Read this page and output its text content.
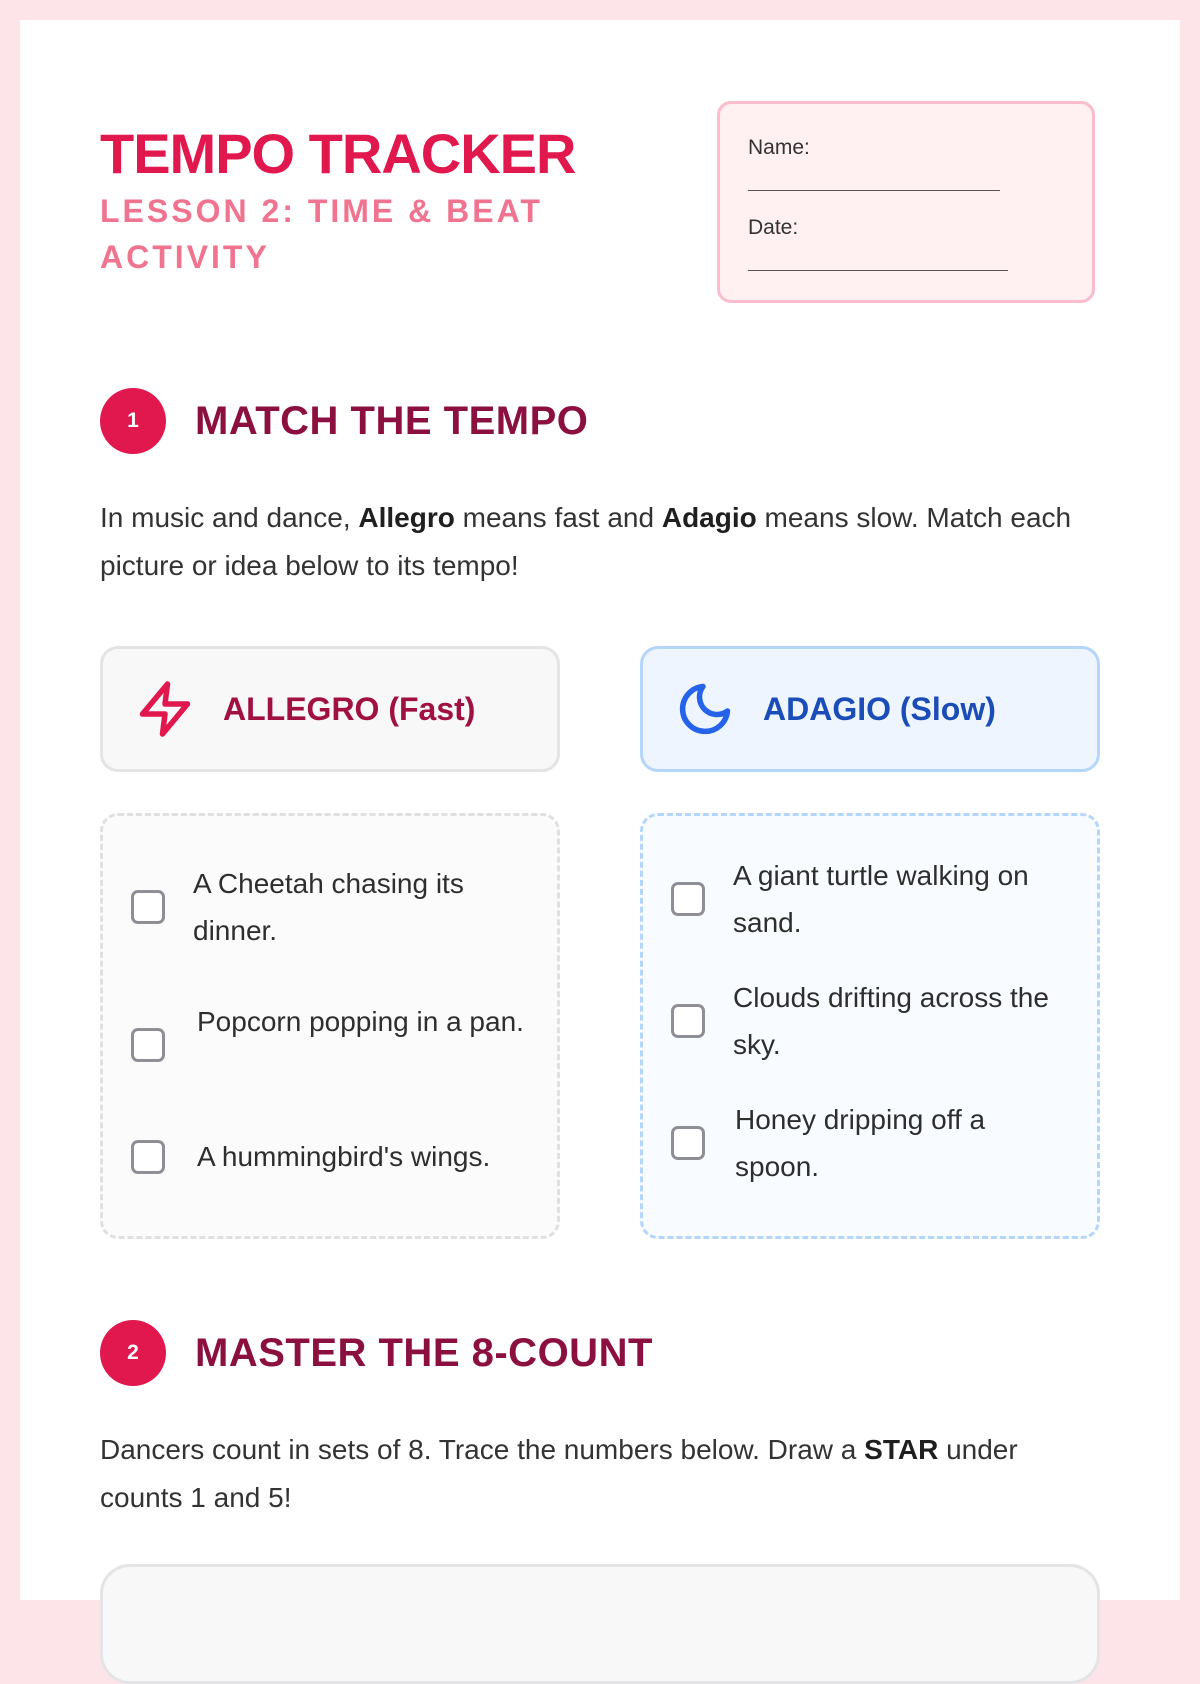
TEMPO TRACKER
LESSON 2: TIME & BEAT ACTIVITY
Name:
Date:
1	MATCH THE TEMPO

In music and dance, Allegro means fast and Adagio means slow. Match each picture or idea below to its tempo!

ALLEGRO (Fast)	ADAGIO (Slow)
A Cheetah chasing its dinner.
Popcorn popping in a pan.
A hummingbird's wings.
A giant turtle walking on sand.
Clouds drifting across the sky.
Honey dripping off a spoon.
2	MASTER THE 8-COUNT

Dancers count in sets of 8. Trace the numbers below. Draw a STAR under counts 1 and 5!
